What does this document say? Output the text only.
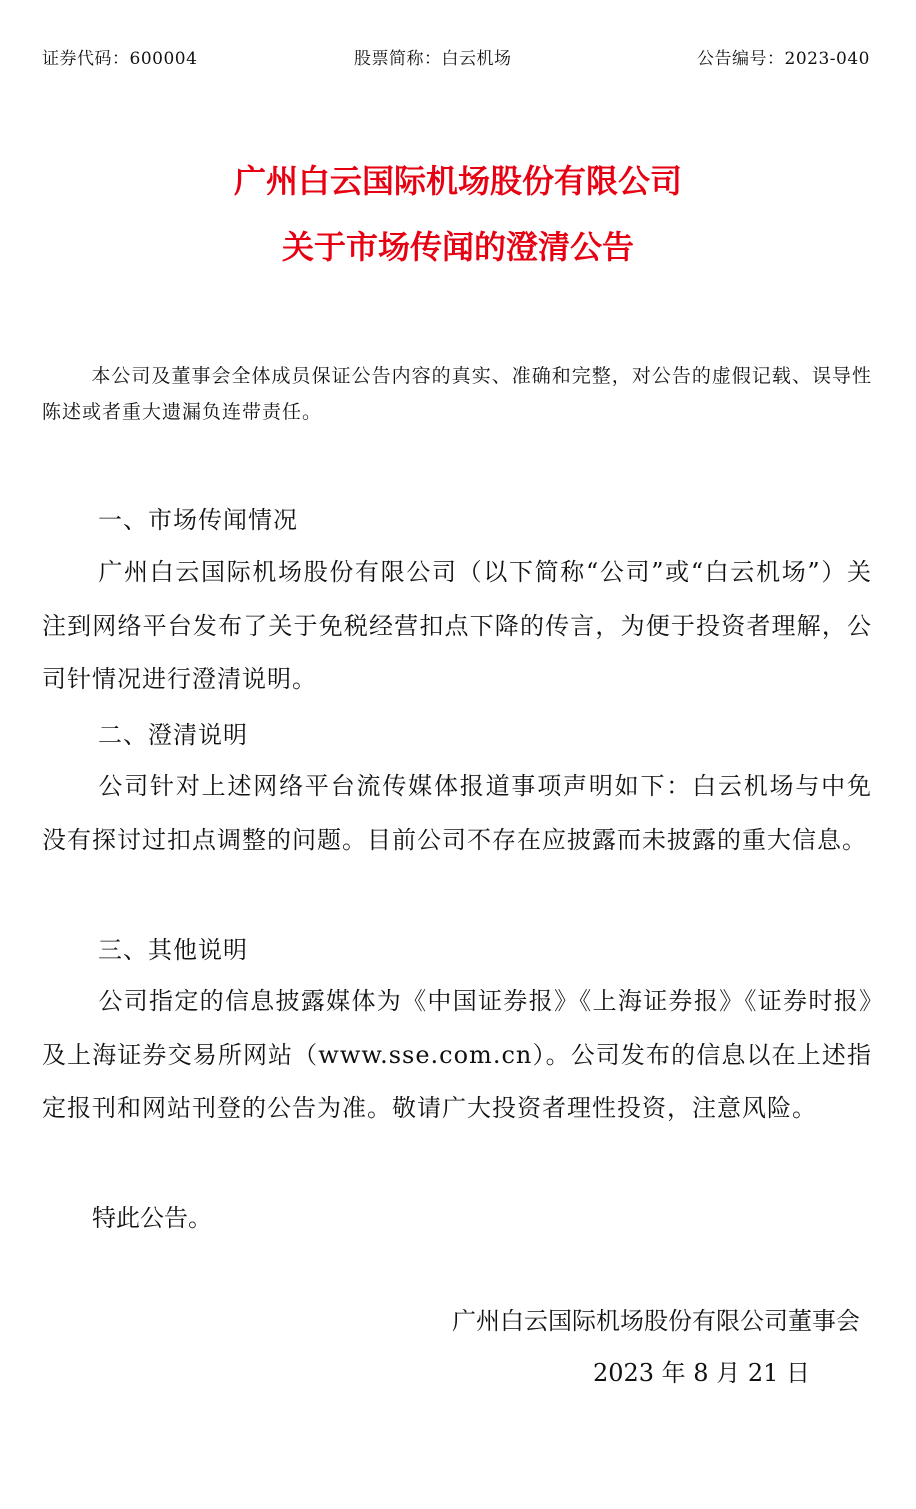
证券代码：600004	股票简称：白云机场	公告编号：2023-040
广州白云国际机场股份有限公司
关于市场传闻的澄清公告
本公司及董事会全体成员保证公告内容的真实、准确和完整，对公告的虚假记载、误导性陈述或者重大遗漏负连带责任。
一、市场传闻情况
广州白云国际机场股份有限公司（以下简称“公司”或“白云机场”）关注到网络平台发布了关于免税经营扣点下降的传言，为便于投资者理解，公司针情况进行澄清说明。
二、澄清说明
公司针对上述网络平台流传媒体报道事项声明如下：白云机场与中免没有探讨过扣点调整的问题。目前公司不存在应披露而未披露的重大信息。
三、其他说明
公司指定的信息披露媒体为《中国证券报》《上海证券报》《证券时报》及上海证券交易所网站（www.sse.com.cn）。公司发布的信息以在上述指定报刊和网站刊登的公告为准。敬请广大投资者理性投资，注意风险。
特此公告。
广州白云国际机场股份有限公司董事会
2023 年 8 月 21 日
